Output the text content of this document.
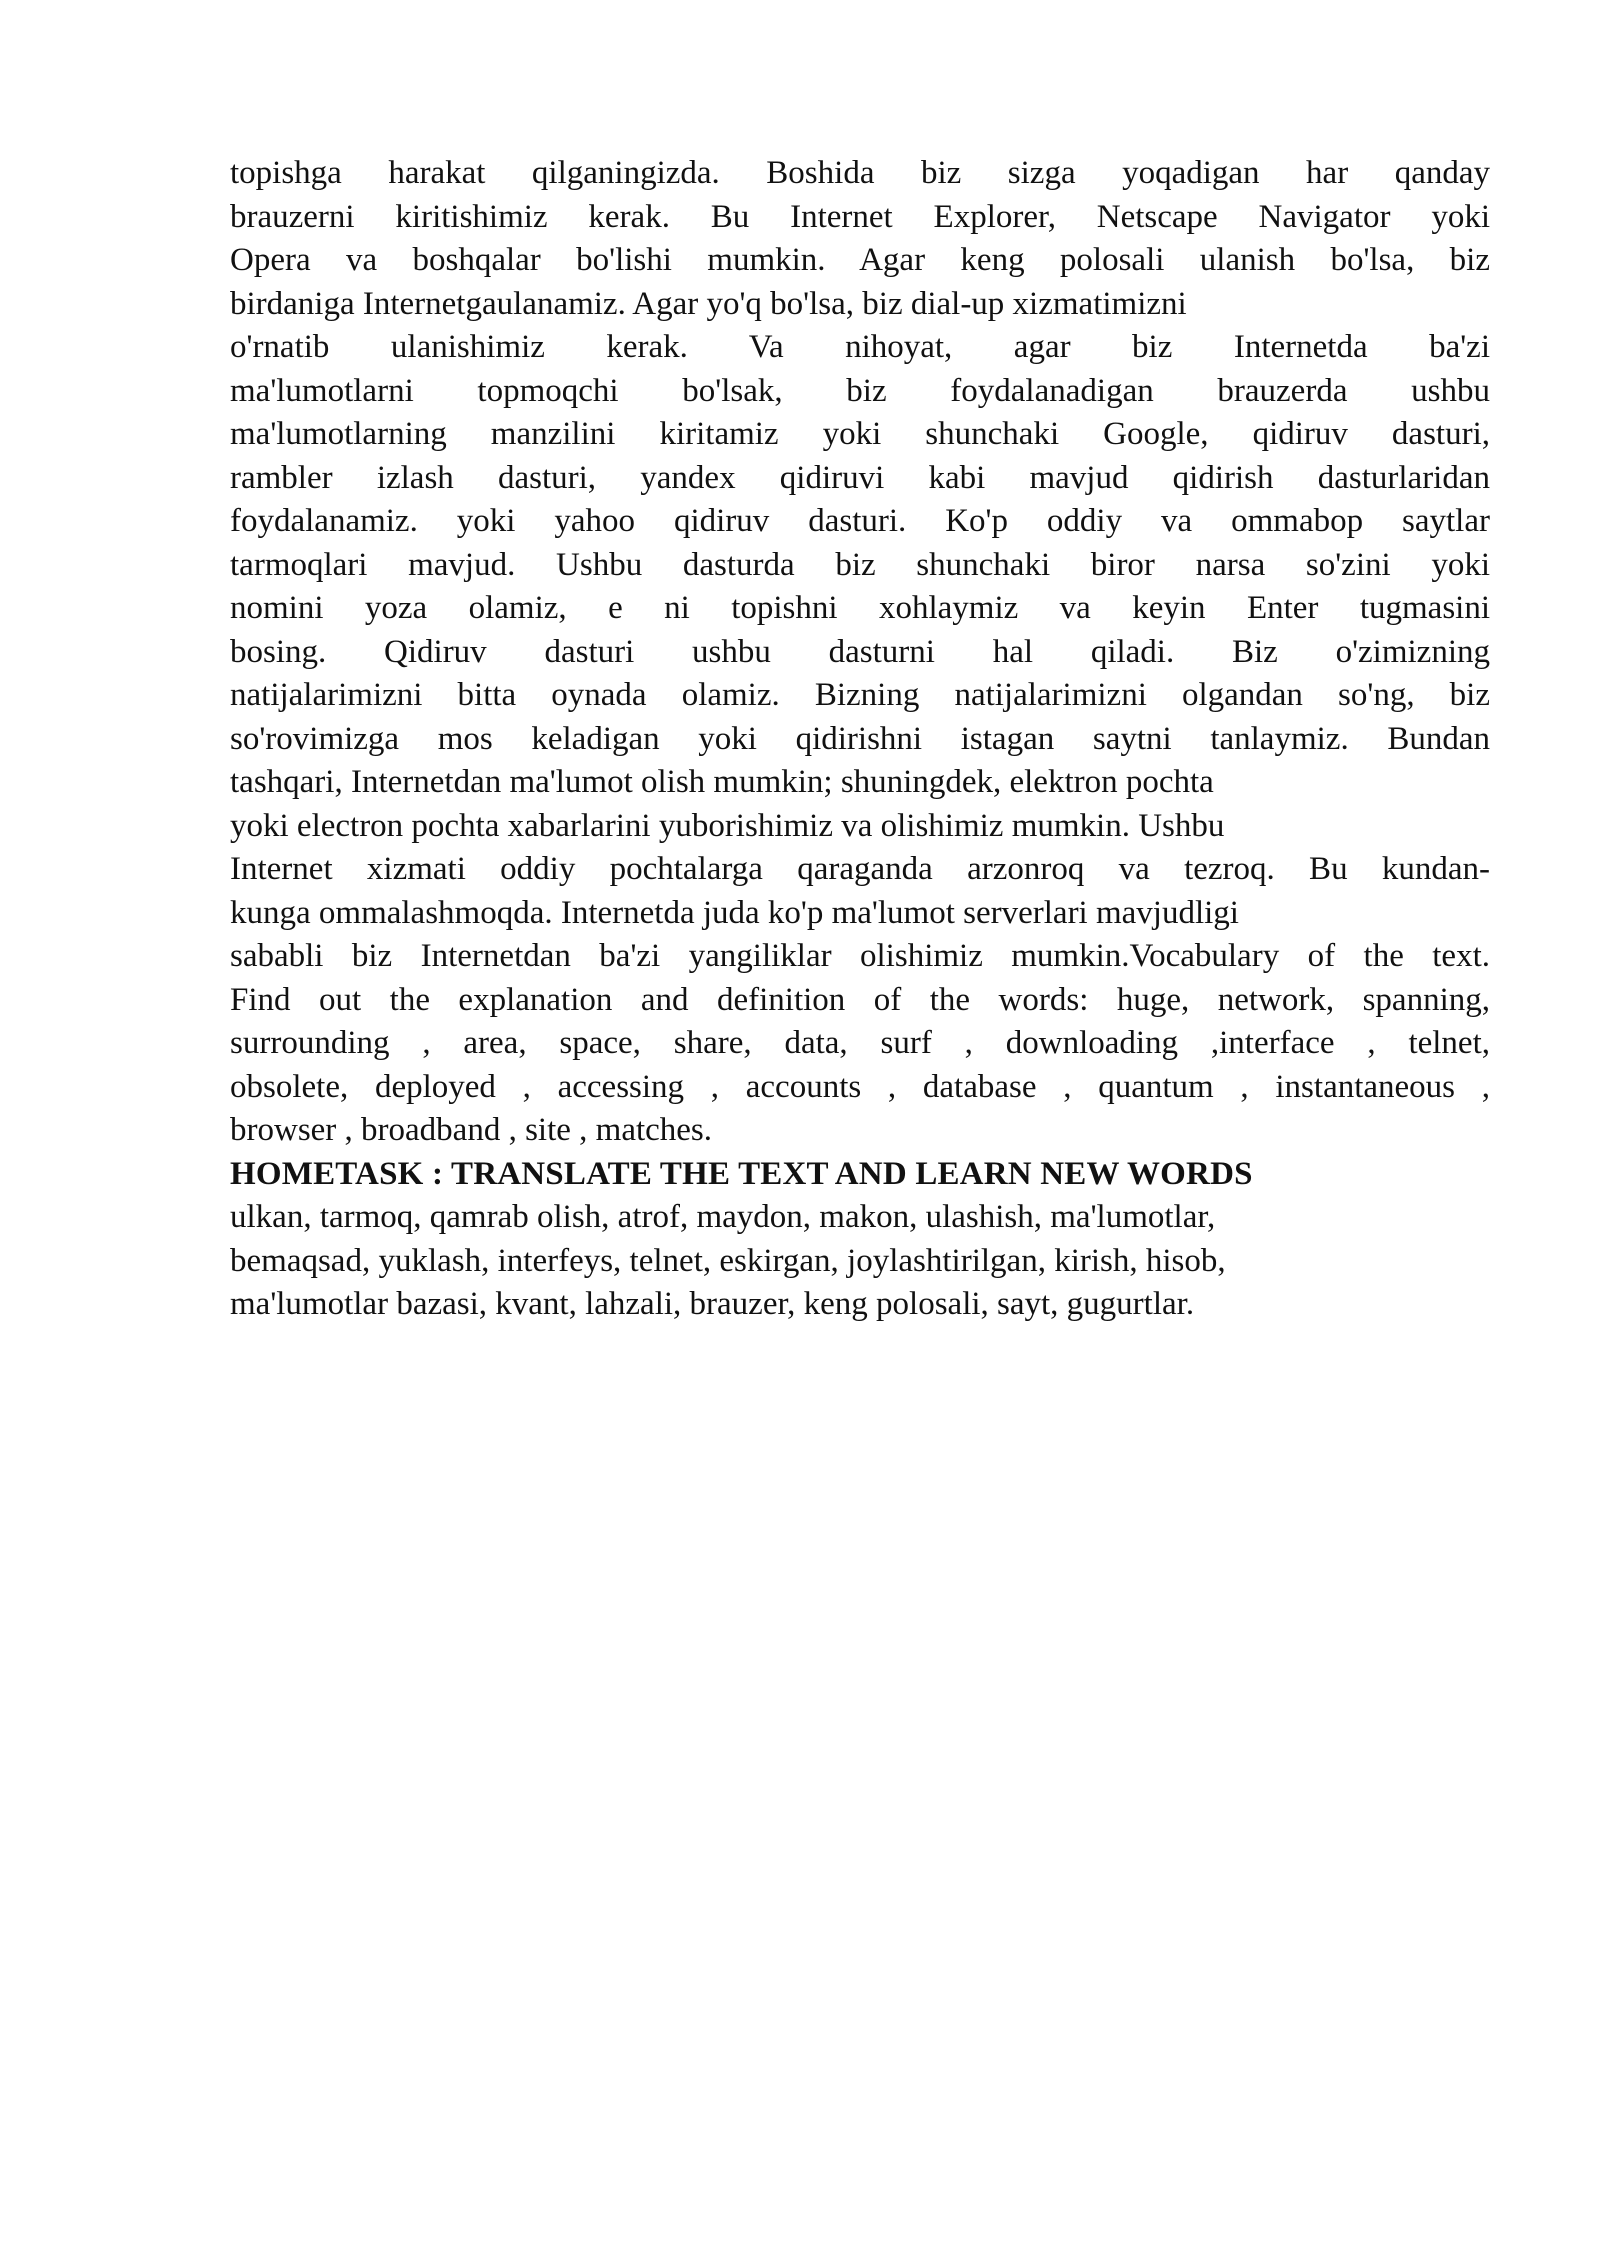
topishga harakat qilganingizda. Boshida biz sizga yoqadigan har qanday
brauzerni kiritishimiz kerak. Bu Internet Explorer, Netscape Navigator yoki
Opera va boshqalar bo'lishi mumkin. Agar keng polosali ulanish bo'lsa, biz
birdaniga Internetgaulanamiz. Agar yo'q bo'lsa, biz dial-up xizmatimizni
o'rnatib ulanishimiz kerak. Va nihoyat, agar biz Internetda ba'zi
ma'lumotlarni topmoqchi bo'lsak, biz foydalanadigan brauzerda ushbu
ma'lumotlarning manzilini kiritamiz yoki shunchaki Google, qidiruv dasturi,
rambler izlash dasturi, yandex qidiruvi kabi mavjud qidirish dasturlaridan
foydalanamiz. yoki yahoo qidiruv dasturi. Ko'p oddiy va ommabop saytlar
tarmoqlari mavjud. Ushbu dasturda biz shunchaki biror narsa so'zini yoki
nomini yoza olamiz, e ni topishni xohlaymiz va keyin Enter tugmasini
bosing. Qidiruv dasturi ushbu dasturni hal qiladi. Biz o'zimizning
natijalarimizni bitta oynada olamiz. Bizning natijalarimizni olgandan so'ng, biz
so'rovimizga mos keladigan yoki qidirishni istagan saytni tanlaymiz. Bundan
tashqari, Internetdan ma'lumot olish mumkin; shuningdek, elektron pochta
yoki electron pochta xabarlarini yuborishimiz va olishimiz mumkin. Ushbu
Internet xizmati oddiy pochtalarga qaraganda arzonroq va tezroq. Bu kundan-
kunga ommalashmoqda. Internetda juda ko'p ma'lumot serverlari mavjudligi
sababli biz Internetdan ba'zi yangiliklar olishimiz mumkin.Vocabulary of the text.
Find out the explanation and definition of the words: huge, network, spanning,
surrounding , area, space, share, data, surf , downloading ,interface , telnet,
obsolete, deployed , accessing , accounts , database , quantum , instantaneous ,
browser , broadband , site , matches.
HOMETASK : TRANSLATE THE TEXT AND LEARN NEW WORDS
ulkan, tarmoq, qamrab olish, atrof, maydon, makon, ulashish, ma'lumotlar,
bemaqsad, yuklash, interfeys, telnet, eskirgan, joylashtirilgan, kirish, hisob,
ma'lumotlar bazasi, kvant, lahzali, brauzer, keng polosali, sayt, gugurtlar.
